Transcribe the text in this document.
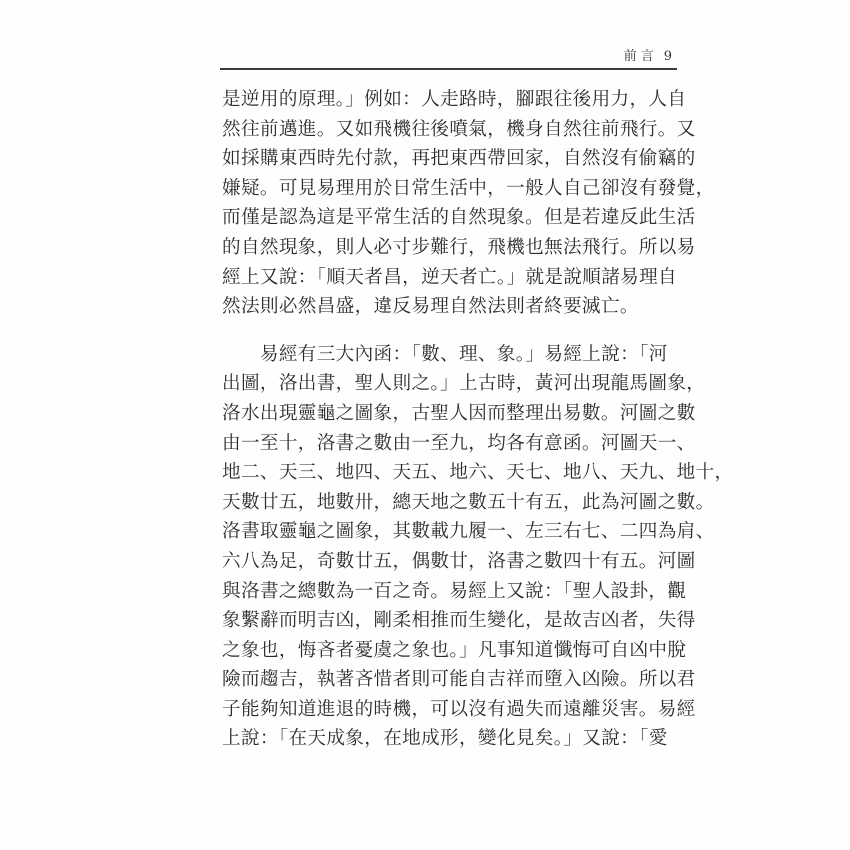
前言 9
是逆用的原理。」例如：人走路時，腳跟往後用力，人自
然往前邁進。又如飛機往後噴氣，機身自然往前飛行。又
如採購東西時先付款，再把東西帶回家，自然沒有偷竊的
嫌疑。可見易理用於日常生活中，一般人自己卻沒有發覺，
而僅是認為這是平常生活的自然現象。但是若違反此生活
的自然現象，則人必寸步難行，飛機也無法飛行。所以易
經上又說：「順天者昌，逆天者亡。」就是說順諸易理自
然法則必然昌盛，違反易理自然法則者終要滅亡。
　　易經有三大內函：「數、理、象。」易經上說：「河
出圖，洛出書，聖人則之。」上古時，黃河出現龍馬圖象，
洛水出現靈龜之圖象，古聖人因而整理出易數。河圖之數
由一至十，洛書之數由一至九，均各有意函。河圖天一、
地二、天三、地四、天五、地六、天七、地八、天九、地十，
天數廿五，地數卅，總天地之數五十有五，此為河圖之數。
洛書取靈龜之圖象，其數載九履一、左三右七、二四為肩、
六八為足，奇數廿五，偶數廿，洛書之數四十有五。河圖
與洛書之總數為一百之奇。易經上又說：「聖人設卦，觀
象繫辭而明吉凶，剛柔相推而生變化，是故吉凶者，失得
之象也，悔吝者憂虞之象也。」凡事知道懺悔可自凶中脫
險而趨吉，執著吝惜者則可能自吉祥而墮入凶險。所以君
子能夠知道進退的時機，可以沒有過失而遠離災害。易經
上說：「在天成象，在地成形，變化見矣。」又說：「愛
